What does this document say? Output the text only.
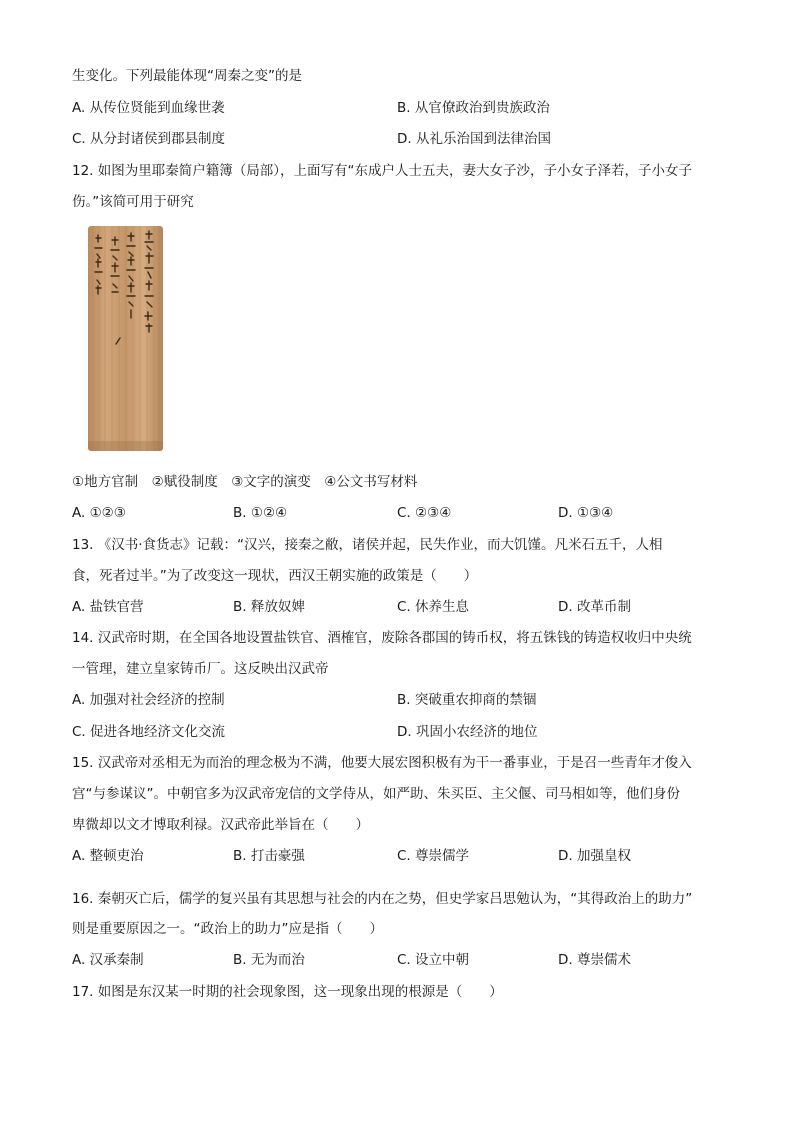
生变化。下列最能体现“周秦之变”的是
A. 从传位贤能到血缘世袭	B. 从官僚政治到贵族政治
C. 从分封诸侯到郡县制度	D. 从礼乐治国到法律治国
12. 如图为里耶秦简户籍簿（局部），上面写有“东成户人士五夫，妻大女子沙，子小女子泽若，子小女子
伤。”该简可用于研究
①地方官制　②赋役制度　③文字的演变　④公文书写材料
A. ①②③	B. ①②④	C. ②③④	D. ①③④
13. 《汉书·食货志》记载：“汉兴，接秦之敝，诸侯并起，民失作业，而大饥馑。凡米石五千，人相
食，死者过半。”为了改变这一现状，西汉王朝实施的政策是（　　）
A. 盐铁官营	B. 释放奴婢	C. 休养生息	D. 改革币制
14. 汉武帝时期，在全国各地设置盐铁官、酒榷官，废除各郡国的铸币权，将五铢钱的铸造权收归中央统
一管理，建立皇家铸币厂。这反映出汉武帝
A. 加强对社会经济的控制	B. 突破重农抑商的禁锢
C. 促进各地经济文化交流	D. 巩固小农经济的地位
15. 汉武帝对丞相无为而治的理念极为不满，他要大展宏图积极有为干一番事业，于是召一些青年才俊入
宫“与参谋议”。中朝官多为汉武帝宠信的文学侍从，如严助、朱买臣、主父偃、司马相如等，他们身份
卑微却以文才博取利禄。汉武帝此举旨在（　　）
A. 整顿吏治	B. 打击豪强	C. 尊崇儒学	D. 加强皇权
16. 秦朝灭亡后，儒学的复兴虽有其思想与社会的内在之势，但史学家吕思勉认为，“其得政治上的助力”
则是重要原因之一。“政治上的助力”应是指（　　）
A. 汉承秦制	B. 无为而治	C. 设立中朝	D. 尊崇儒术
17. 如图是东汉某一时期的社会现象图，这一现象出现的根源是（　　）
